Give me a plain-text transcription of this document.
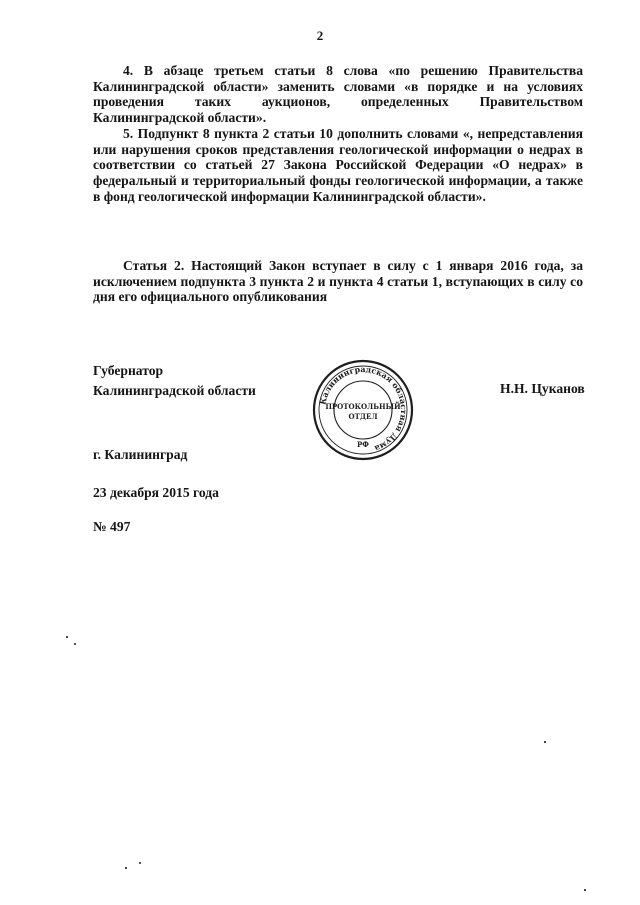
2

4. В абзаце третьем статьи 8 слова «по решению Правительства Калининградской области» заменить словами «в порядке и на условиях проведения таких аукционов, определенных Правительством Калининградской области».

5. Подпункт 8 пункта 2 статьи 10 дополнить словами «, непредставления или нарушения сроков представления геологической информации о недрах в соответствии со статьей 27 Закона Российской Федерации «О недрах» в федеральный и территориальный фонды геологической информации, а также в фонд геологической информации Калининградской области».

Статья 2. Настоящий Закон вступает в силу с 1 января 2016 года, за исключением подпункта 3 пункта 2 и пункта 4 статьи 1, вступающих в силу со дня его официального опубликования

Губернатор
Калининградской области
Калининградская областная Дума
ПРОТОКОЛЬНЫЙ
ОТДЕЛ
РФ
Н.Н. Цуканов
г. Калининград
23 декабря 2015 года
№ 497
